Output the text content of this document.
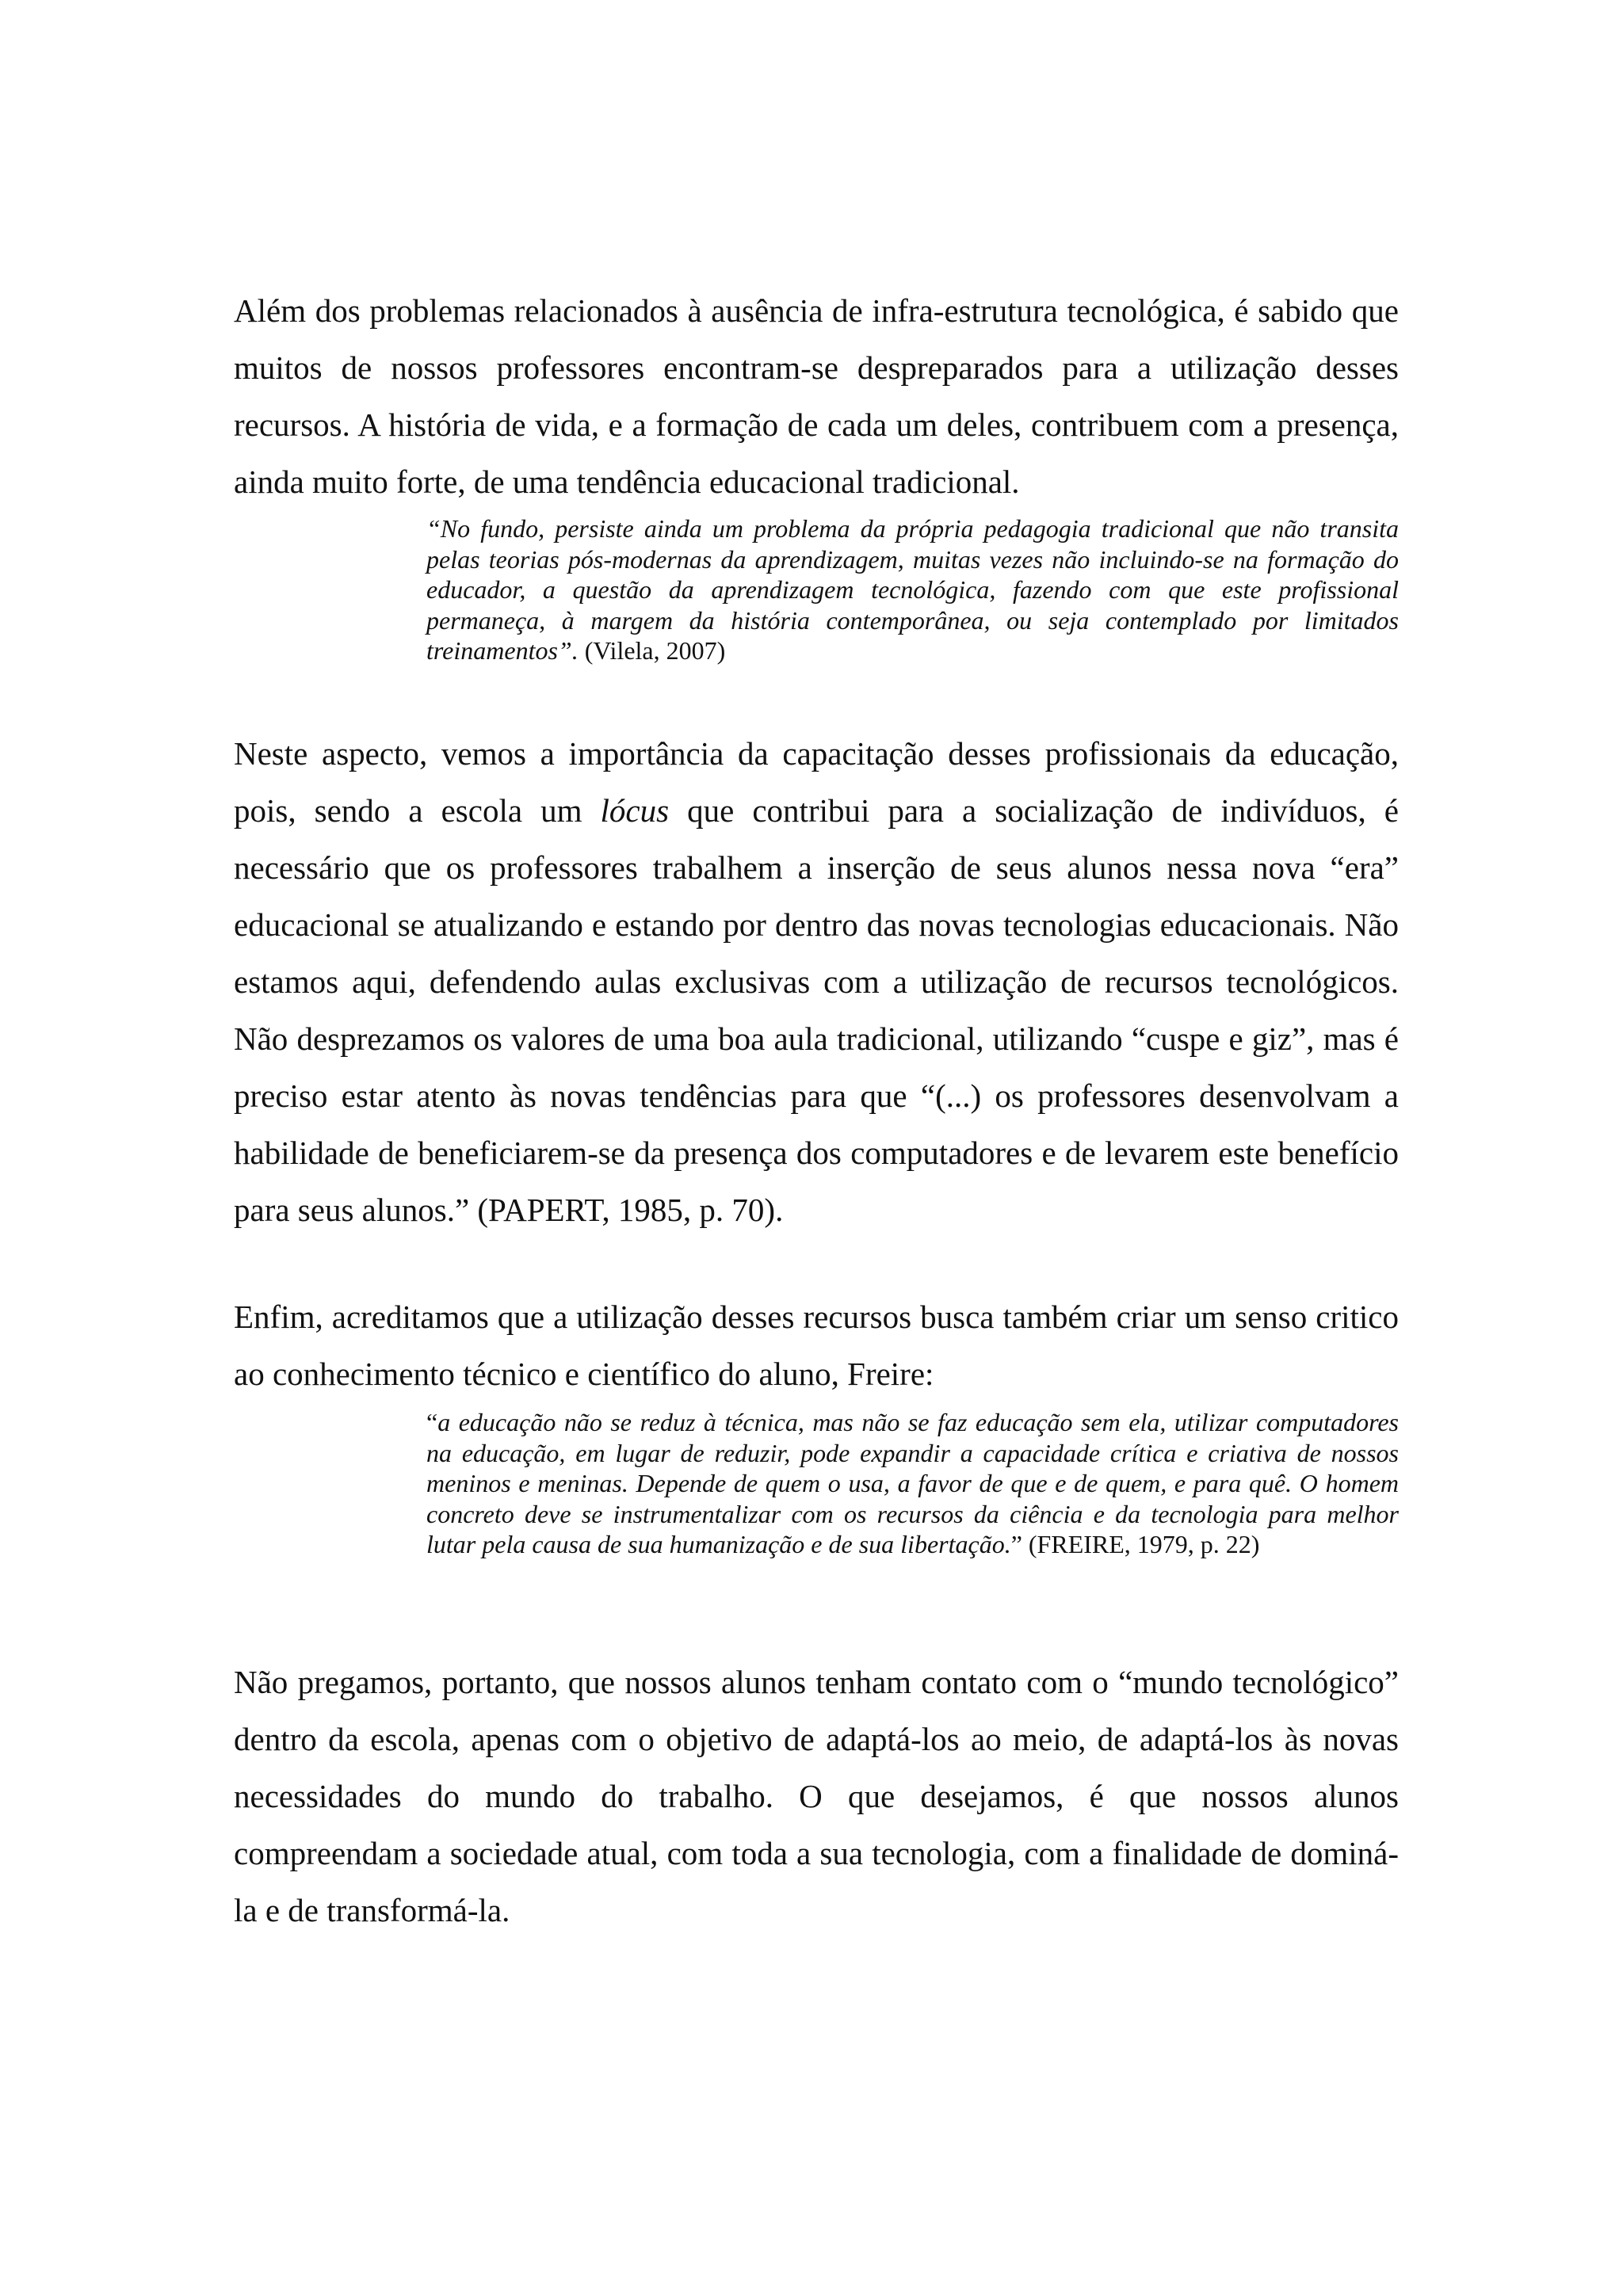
Além dos problemas relacionados à ausência de infra-estrutura tecnológica, é sabido que muitos de nossos professores encontram-se despreparados para a utilização desses recursos. A história de vida, e a formação de cada um deles, contribuem com a presença, ainda muito forte, de uma tendência educacional tradicional.

“No fundo, persiste ainda um problema da própria pedagogia tradicional que não transita pelas teorias pós-modernas da aprendizagem, muitas vezes não incluindo-se na formação do educador, a questão da aprendizagem tecnológica, fazendo com que este profissional permaneça, à margem da história contemporânea, ou seja contemplado por limitados treinamentos”. (Vilela, 2007)

Neste aspecto, vemos a importância da capacitação desses profissionais da educação, pois, sendo a escola um lócus que contribui para a socialização de indivíduos, é necessário que os professores trabalhem a inserção de seus alunos nessa nova “era” educacional se atualizando e estando por dentro das novas tecnologias educacionais. Não estamos aqui, defendendo aulas exclusivas com a utilização de recursos tecnológicos. Não desprezamos os valores de uma boa aula tradicional, utilizando “cuspe e giz”, mas é preciso estar atento às novas tendências para que “(...) os professores desenvolvam a habilidade de beneficiarem-se da presença dos computadores e de levarem este benefício para seus alunos.” (PAPERT, 1985, p. 70).

Enfim, acreditamos que a utilização desses recursos busca também criar um senso critico ao conhecimento técnico e científico do aluno, Freire:

“a educação não se reduz à técnica, mas não se faz educação sem ela, utilizar computadores na educação, em lugar de reduzir, pode expandir a capacidade crítica e criativa de nossos meninos e meninas. Depende de quem o usa, a favor de que e de quem, e para quê. O homem concreto deve se instrumentalizar com os recursos da ciência e da tecnologia para melhor lutar pela causa de sua humanização e de sua libertação.” (FREIRE, 1979, p. 22)

Não pregamos, portanto, que nossos alunos tenham contato com o “mundo tecnológico” dentro da escola, apenas com o objetivo de adaptá-los ao meio, de adaptá-los às novas necessidades do mundo do trabalho. O que desejamos, é que nossos alunos compreendam a sociedade atual, com toda a sua tecnologia, com a finalidade de dominá-la e de transformá-la.
